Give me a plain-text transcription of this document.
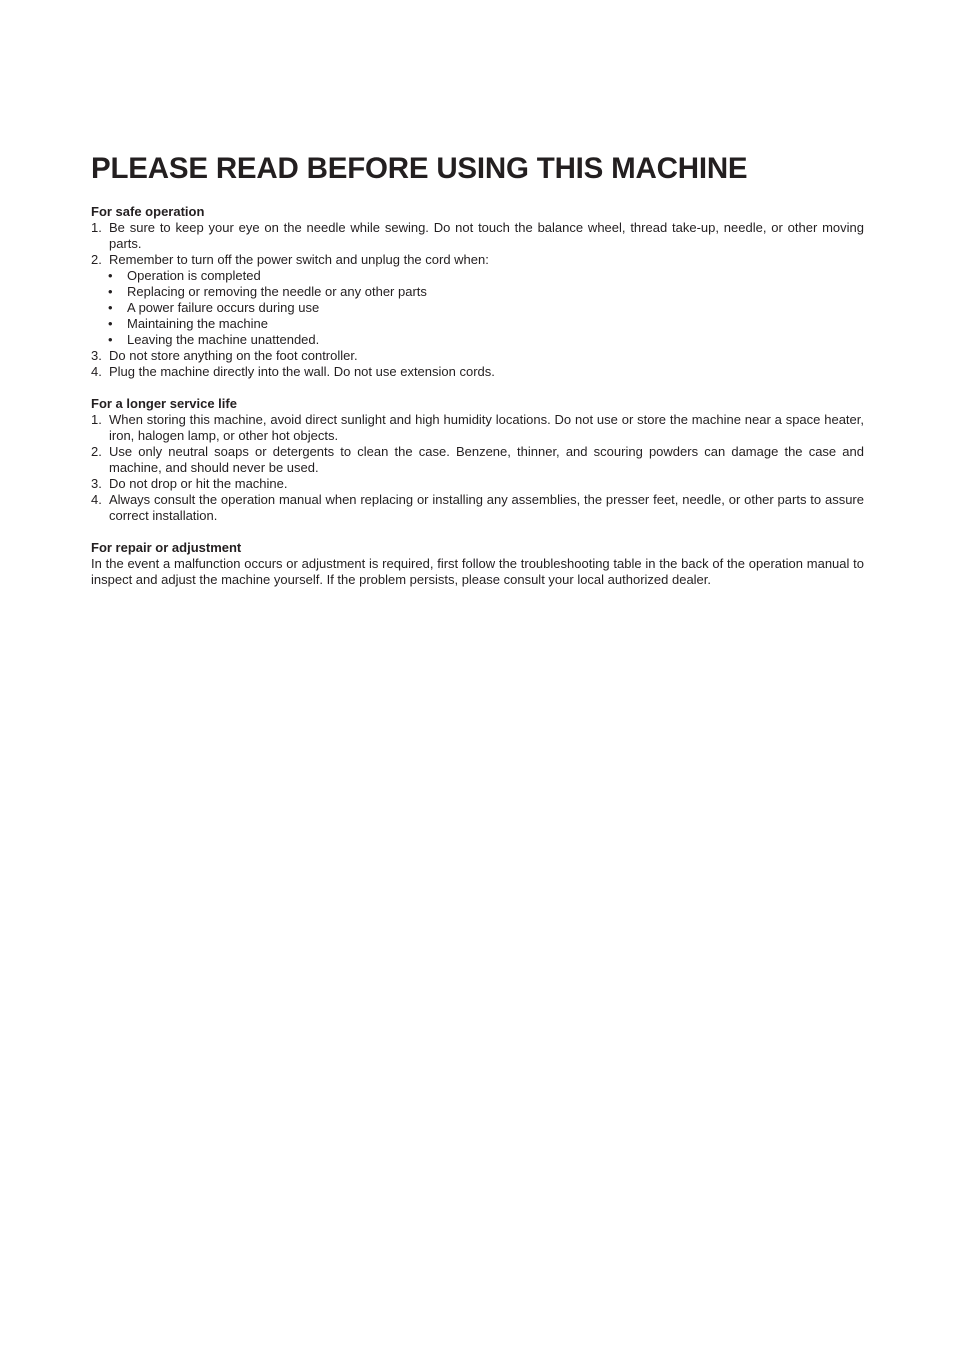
PLEASE READ BEFORE USING THIS MACHINE
For safe operation
1. Be sure to keep your eye on the needle while sewing. Do not touch the balance wheel, thread take-up, needle, or other moving parts.
2. Remember to turn off the power switch and unplug the cord when:
• Operation is completed
• Replacing or removing the needle or any other parts
• A power failure occurs during use
• Maintaining the machine
• Leaving the machine unattended.
3. Do not store anything on the foot controller.
4. Plug the machine directly into the wall. Do not use extension cords.
For a longer service life
1. When storing this machine, avoid direct sunlight and high humidity locations. Do not use or store the machine near a space heater, iron, halogen lamp, or other hot objects.
2. Use only neutral soaps or detergents to clean the case. Benzene, thinner, and scouring powders can damage the case and machine, and should never be used.
3. Do not drop or hit the machine.
4. Always consult the operation manual when replacing or installing any assemblies, the presser feet, needle, or other parts to assure correct installation.
For repair or adjustment
In the event a malfunction occurs or adjustment is required, first follow the troubleshooting table in the back of the operation manual to inspect and adjust the machine yourself. If the problem persists, please consult your local authorized dealer.
